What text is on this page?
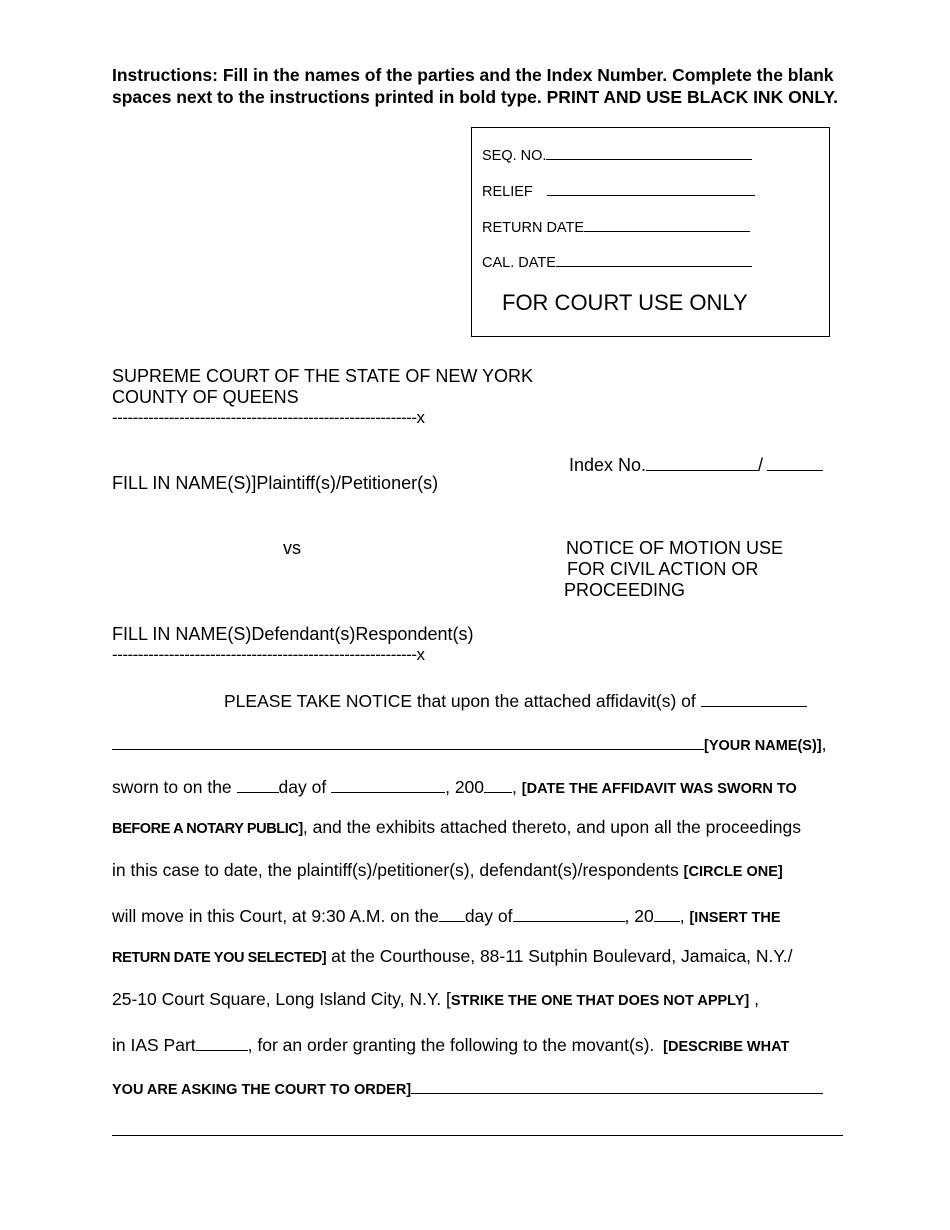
Instructions: Fill in the names of the parties and the Index Number. Complete the blank spaces next to the instructions printed in bold type. PRINT AND USE BLACK INK ONLY.
SEQ. NO.
RELIEF
RETURN DATE
CAL. DATE
FOR COURT USE ONLY
SUPREME COURT OF THE STATE OF NEW YORK
COUNTY OF QUEENS
-----------------------------------------------------------x
Index No.	/
FILL IN NAME(S)]Plaintiff(s)/Petitioner(s)
vs	NOTICE OF MOTION USE
FOR CIVIL ACTION OR
PROCEEDING
FILL IN NAME(S)Defendant(s)Respondent(s)
-----------------------------------------------------------x
PLEASE TAKE NOTICE that upon the attached affidavit(s) of
[YOUR NAME(S)],
sworn to on the	day of	, 200 , [DATE THE AFFIDAVIT WAS SWORN TO
BEFORE A NOTARY PUBLIC], and the exhibits attached thereto, and upon all the proceedings
in this case to date, the plaintiff(s)/petitioner(s), defendant(s)/respondents [CIRCLE ONE]
will move in this Court, at 9:30 A.M. on the day of	, 20 , [INSERT THE
RETURN DATE YOU SELECTED] at the Courthouse, 88-11 Sutphin Boulevard, Jamaica, N.Y./
25-10 Court Square, Long Island City, N.Y. [STRIKE THE ONE THAT DOES NOT APPLY] ,
in IAS Part	, for an order granting the following to the movant(s). [DESCRIBE WHAT
YOU ARE ASKING THE COURT TO ORDER]
